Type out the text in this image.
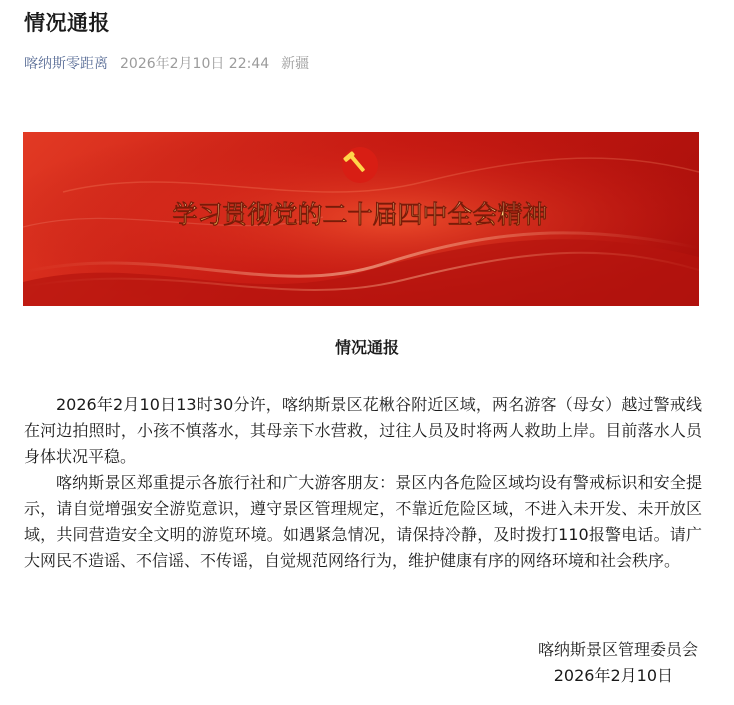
情况通报
喀纳斯零距离 2026年2月10日 22:44 新疆
学习贯彻党的二十届四中全会精神
情况通报

2026年2月10日13时30分许，喀纳斯景区花楸谷附近区域，两名游客（母女）越过警戒线在河边拍照时，小孩不慎落水，其母亲下水营救，过往人员及时将两人救助上岸。目前落水人员身体状况平稳。

喀纳斯景区郑重提示各旅行社和广大游客朋友：景区内各危险区域均设有警戒标识和安全提示，请自觉增强安全游览意识，遵守景区管理规定，不靠近危险区域，不进入未开发、未开放区域，共同营造安全文明的游览环境。如遇紧急情况，请保持冷静，及时拨打110报警电话。请广大网民不造谣、不信谣、不传谣，自觉规范网络行为，维护健康有序的网络环境和社会秩序。

喀纳斯景区管理委员会
2026年2月10日
